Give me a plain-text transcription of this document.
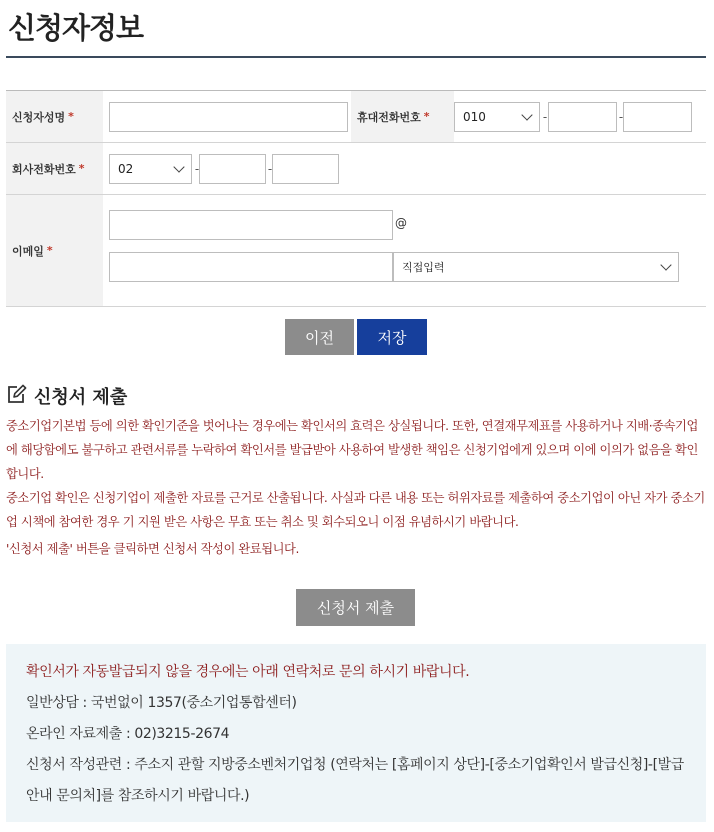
신청자정보
신청자성명 *	휴대전화번호 *	010	-	-
회사전화번호 *	02	-	-
이메일 *
@
직접입력
이전	저장
신청서 제출

중소기업기본법 등에 의한 확인기준을 벗어나는 경우에는 확인서의 효력은 상실됩니다. 또한, 연결재무제표를 사용하거나 지배·종속기업에 해당함에도 불구하고 관련서류를 누락하여 확인서를 발급받아 사용하여 발생한 책임은 신청기업에게 있으며 이에 이의가 없음을 확인합니다.

중소기업 확인은 신청기업이 제출한 자료를 근거로 산출됩니다. 사실과 다른 내용 또는 허위자료를 제출하여 중소기업이 아닌 자가 중소기업 시책에 참여한 경우 기 지원 받은 사항은 무효 또는 취소 및 회수되오니 이점 유념하시기 바랍니다.

'신청서 제출' 버튼을 클릭하면 신청서 작성이 완료됩니다.

신청서 제출

확인서가 자동발급되지 않을 경우에는 아래 연락처로 문의 하시기 바랍니다.

일반상담 : 국번없이 1357(중소기업통합센터)

온라인 자료제출 : 02)3215-2674

신청서 작성관련 : 주소지 관할 지방중소벤처기업청 (연락처는 [홈페이지 상단]-[중소기업확인서 발급신청]-[발급안내 문의처]를 참조하시기 바랍니다.)
